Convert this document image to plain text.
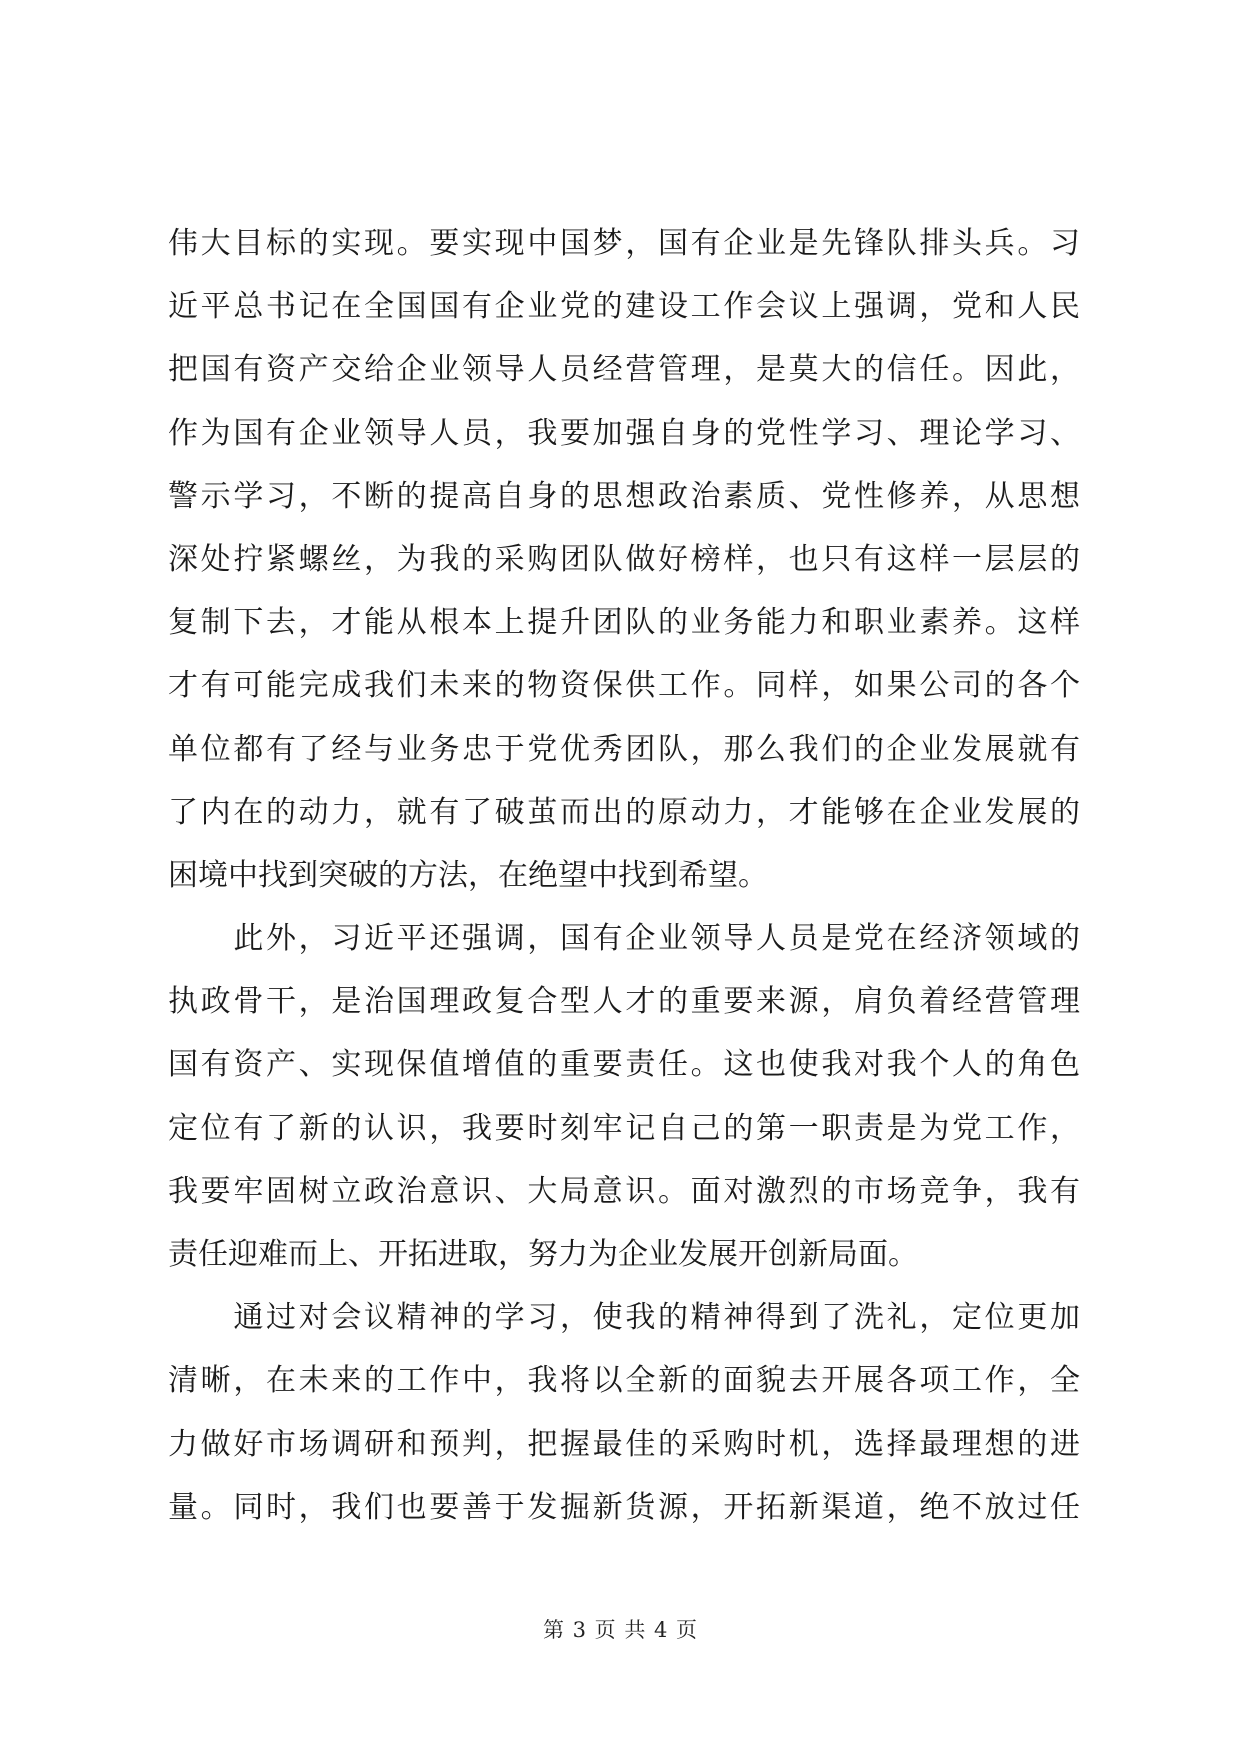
伟大目标的实现。要实现中国梦，国有企业是先锋队排头兵。习
近平总书记在全国国有企业党的建设工作会议上强调，党和人民
把国有资产交给企业领导人员经营管理，是莫大的信任。因此，
作为国有企业领导人员，我要加强自身的党性学习、理论学习、
警示学习，不断的提高自身的思想政治素质、党性修养，从思想
深处拧紧螺丝，为我的采购团队做好榜样，也只有这样一层层的
复制下去，才能从根本上提升团队的业务能力和职业素养。这样
才有可能完成我们未来的物资保供工作。同样，如果公司的各个
单位都有了经与业务忠于党优秀团队，那么我们的企业发展就有
了内在的动力，就有了破茧而出的原动力，才能够在企业发展的
困境中找到突破的方法，在绝望中找到希望。
　　此外，习近平还强调，国有企业领导人员是党在经济领域的
执政骨干，是治国理政复合型人才的重要来源，肩负着经营管理
国有资产、实现保值增值的重要责任。这也使我对我个人的角色
定位有了新的认识，我要时刻牢记自己的第一职责是为党工作，
我要牢固树立政治意识、大局意识。面对激烈的市场竞争，我有
责任迎难而上、开拓进取，努力为企业发展开创新局面。
　　通过对会议精神的学习，使我的精神得到了洗礼，定位更加
清晰，在未来的工作中，我将以全新的面貌去开展各项工作，全
力做好市场调研和预判，把握最佳的采购时机，选择最理想的进
量。同时，我们也要善于发掘新货源，开拓新渠道，绝不放过任
第 3 页 共 4 页
